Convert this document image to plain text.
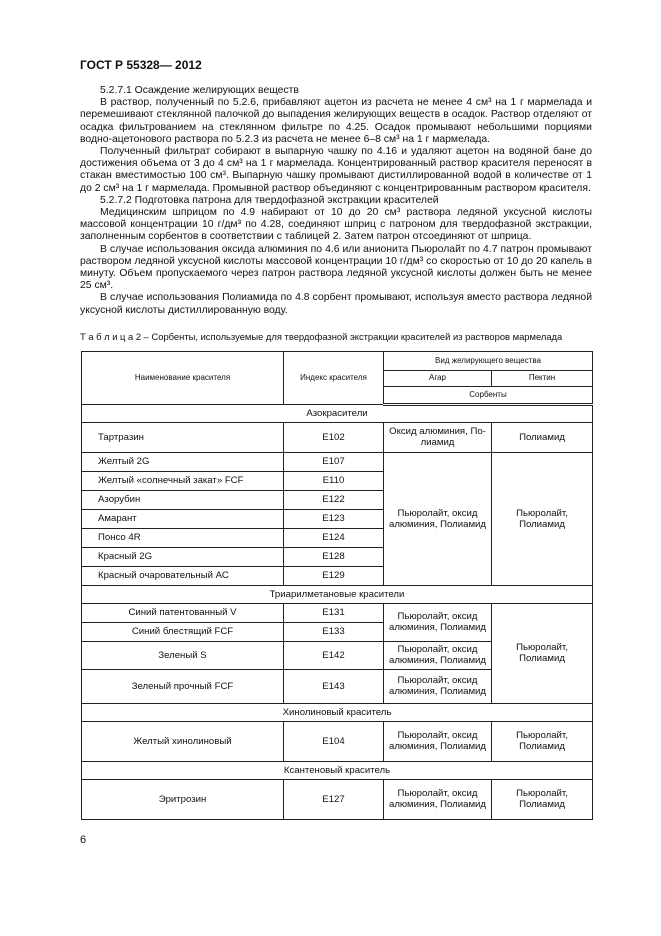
ГОСТ Р 55328— 2012

5.2.7.1 Осаждение желирующих веществ

В раствор, полученный по 5.2.6, прибавляют ацетон из расчета не менее 4 см³ на 1 г мармелада и перемешивают стеклянной палочкой до выпадения желирующих веществ в осадок. Раствор отделяют от осадка фильтрованием на стеклянном фильтре по 4.25. Осадок промывают небольшими порциями водно-ацетонового раствора по 5.2.3 из расчета не менее 6–8 см³ на 1 г мармелада.

Полученный фильтрат собирают в выпарную чашку по 4.16 и удаляют ацетон на водяной бане до достижения объема от 3 до 4 см³ на 1 г мармелада. Концентрированный раствор красителя переносят в стакан вместимостью 100 см³. Выпарную чашку промывают дистиллированной водой в количестве от 1 до 2 см³ на 1 г мармелада. Промывной раствор объединяют с концентрированным раствором красителя.

5.2.7.2 Подготовка патрона для твердофазной экстракции красителей

Медицинским шприцом по 4.9 набирают от 10 до 20 см³ раствора ледяной уксусной кислоты массовой концентрации 10 г/дм³ по 4.28, соединяют шприц с патроном для твердофазной экстракции, заполненным сорбентов в соответствии с таблицей 2. Затем патрон отсоединяют от шприца.

В случае использования оксида алюминия по 4.6 или анионита Пьюролайт по 4.7 патрон промывают раствором ледяной уксусной кислоты массовой концентрации 10 г/дм³ со скоростью от 10 до 20 капель в минуту. Объем пропускаемого через патрон раствора ледяной уксусной кислоты должен быть не менее 25 см³.

В случае использования Полиамида по 4.8 сорбент промывают, используя вместо раствора ледяной уксусной кислоты дистиллированную воду.

Т а б л и ц а 2 – Сорбенты, используемые для твердофазной экстракции красителей из растворов мармелада
Наименование красителя	Индекс красителя	Вид желирующего вещества	
		Агар	Пектин
		Сорбенты	
Азокрасители			
Тартразин	E102	Оксид алюминия, По-лиамид	Полиамид
Желтый 2G	E107	Пьюролайт, оксид алюминия, Полиамид	Пьюролайт, Полиамид
Желтый «солнечный закат» FCF	E110		
Азорубин	E122		
Амарант	E123		
Понсо 4R	E124		
Красный 2G	E128		
Красный очаровательный АС	E129		
Триарилметановые красители			
Синий патентованный V	E131	Пьюролайт, оксид алюминия, Полиамид	Пьюролайт, Полиамид
Синий блестящий FCF	E133		
Зеленый S	E142	Пьюролайт, оксид алюминия, Полиамид	
Зеленый прочный FCF	E143	Пьюролайт, оксид алюминия, Полиамид	
Хинолиновый краситель			
Желтый хинолиновый	E104	Пьюролайт, оксид алюминия, Полиамид	Пьюролайт, Полиамид
Ксантеновый краситель			
Эритрозин	E127	Пьюролайт, оксид алюминия, Полиамид	Пьюролайт, Полиамид
6
